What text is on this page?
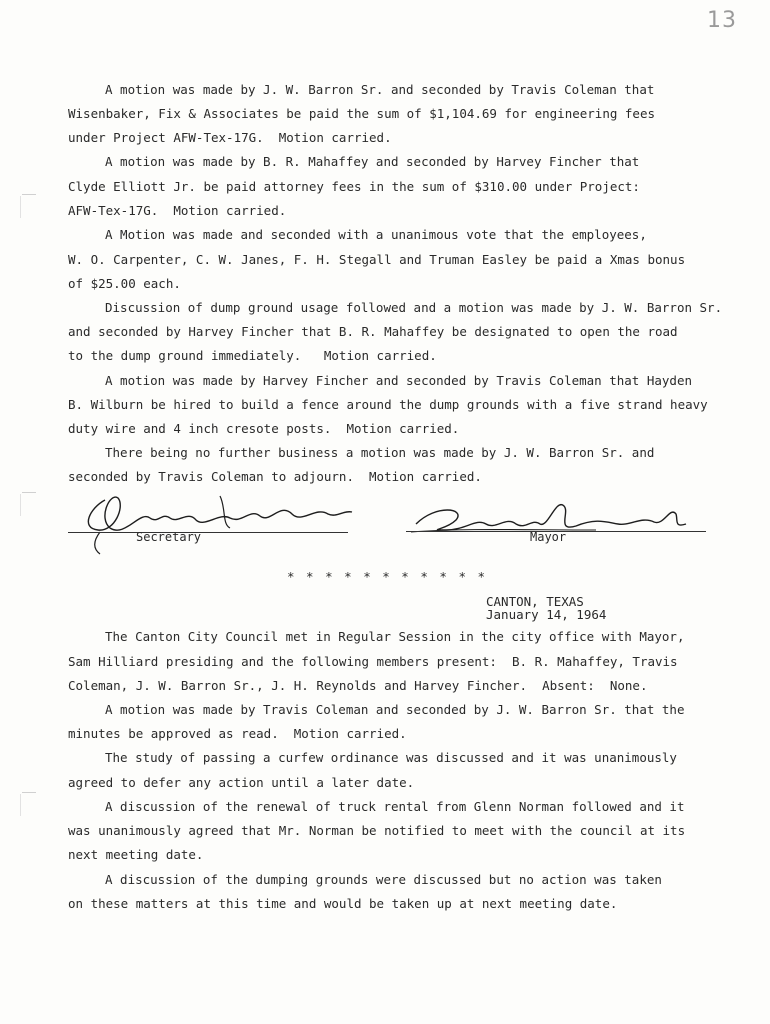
13
A motion was made by J. W. Barron Sr. and seconded by Travis Coleman that
Wisenbaker, Fix & Associates be paid the sum of $1,104.69 for engineering fees
under Project AFW-Tex-17G.  Motion carried.
A motion was made by B. R. Mahaffey and seconded by Harvey Fincher that
Clyde Elliott Jr. be paid attorney fees in the sum of $310.00 under Project:
AFW-Tex-17G.  Motion carried.
A Motion was made and seconded with a unanimous vote that the employees,
W. O. Carpenter, C. W. Janes, F. H. Stegall and Truman Easley be paid a Xmas bonus
of $25.00 each.
Discussion of dump ground usage followed and a motion was made by J. W. Barron Sr.
and seconded by Harvey Fincher that B. R. Mahaffey be designated to open the road
to the dump ground immediately.   Motion carried.
A motion was made by Harvey Fincher and seconded by Travis Coleman that Hayden
B. Wilburn be hired to build a fence around the dump grounds with a five strand heavy
duty wire and 4 inch cresote posts.  Motion carried.
There being no further business a motion was made by J. W. Barron Sr. and
seconded by Travis Coleman to adjourn.  Motion carried.
Secretary	Mayor
* * * * * * * * * * *
CANTON, TEXAS
January 14, 1964
The Canton City Council met in Regular Session in the city office with Mayor,
Sam Hilliard presiding and the following members present:  B. R. Mahaffey, Travis
Coleman, J. W. Barron Sr., J. H. Reynolds and Harvey Fincher.  Absent:  None.
A motion was made by Travis Coleman and seconded by J. W. Barron Sr. that the
minutes be approved as read.  Motion carried.
The study of passing a curfew ordinance was discussed and it was unanimously
agreed to defer any action until a later date.
A discussion of the renewal of truck rental from Glenn Norman followed and it
was unanimously agreed that Mr. Norman be notified to meet with the council at its
next meeting date.
A discussion of the dumping grounds were discussed but no action was taken
on these matters at this time and would be taken up at next meeting date.
